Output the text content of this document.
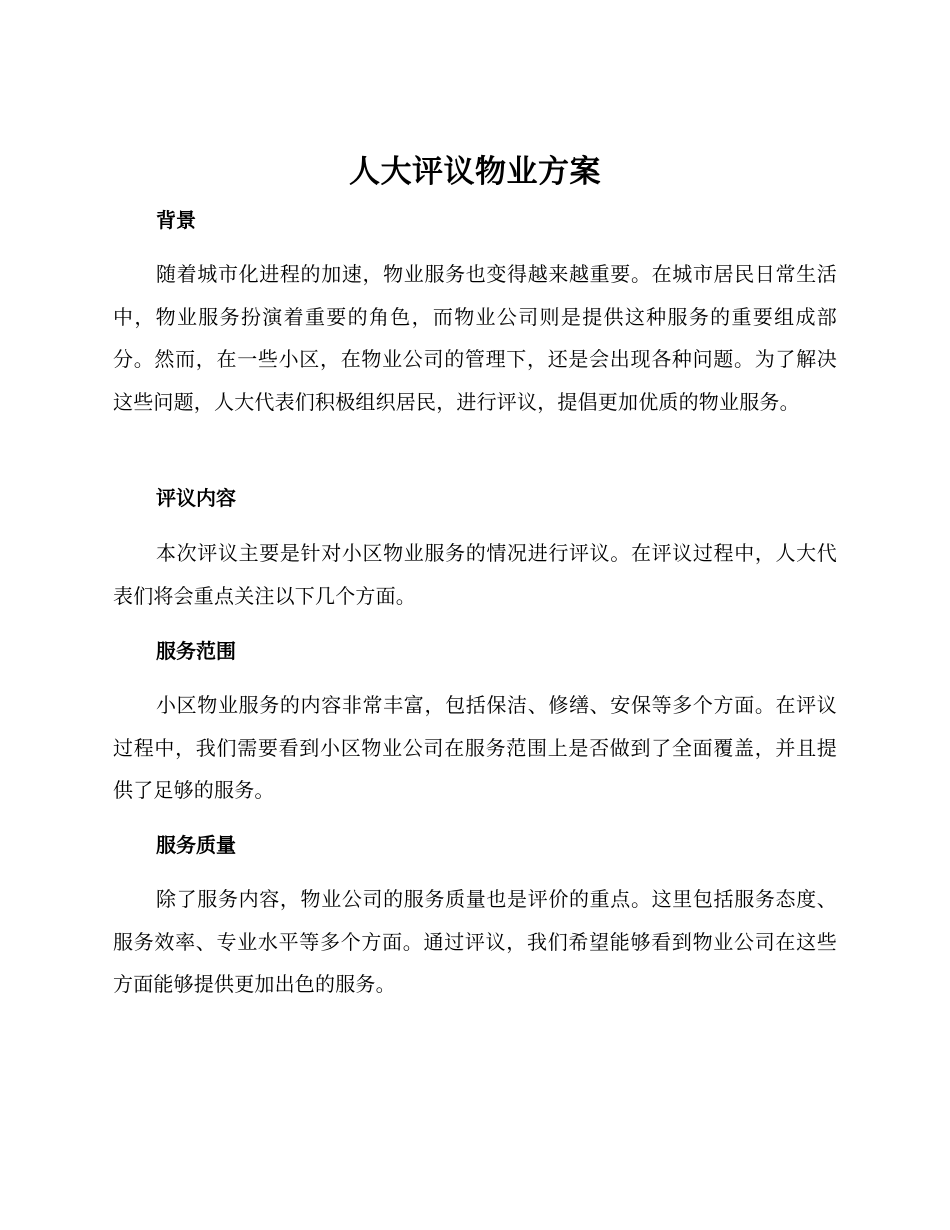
人大评议物业方案
背景

随着城市化进程的加速，物业服务也变得越来越重要。在城市居民日常生活中，物业服务扮演着重要的角色，而物业公司则是提供这种服务的重要组成部分。然而，在一些小区，在物业公司的管理下，还是会出现各种问题。为了解决这些问题，人大代表们积极组织居民，进行评议，提倡更加优质的物业服务。

评议内容

本次评议主要是针对小区物业服务的情况进行评议。在评议过程中，人大代表们将会重点关注以下几个方面。

服务范围

小区物业服务的内容非常丰富，包括保洁、修缮、安保等多个方面。在评议过程中，我们需要看到小区物业公司在服务范围上是否做到了全面覆盖，并且提供了足够的服务。

服务质量

除了服务内容，物业公司的服务质量也是评价的重点。这里包括服务态度、服务效率、专业水平等多个方面。通过评议，我们希望能够看到物业公司在这些方面能够提供更加出色的服务。
